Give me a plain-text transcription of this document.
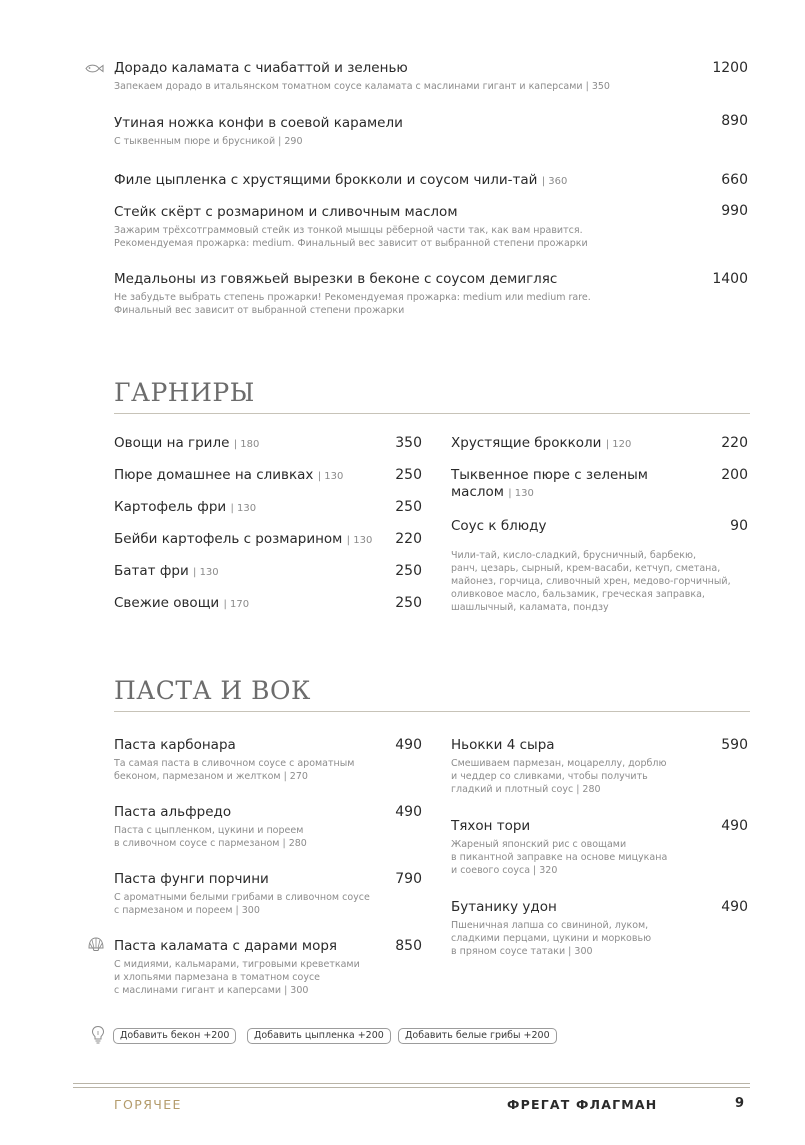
Дорадо каламата с чиабаттой и зеленью
Запекаем дорадо в итальянском томатном соусе каламата с маслинами гигант и каперсами | 350
1200
Утиная ножка конфи в соевой карамели
С тыквенным пюре и брусникой | 290
890
Филе цыпленка с хрустящими брокколи и соусом чили-тай | 360	660
Стейк скёрт с розмарином и сливочным маслом
Зажарим трёхсотграммовый стейк из тонкой мышцы рёберной части так, как вам нравится.
Рекомендуемая прожарка: medium. Финальный вес зависит от выбранной степени прожарки
990
Медальоны из говяжьей вырезки в беконе с соусом демигляс
Не забудьте выбрать степень прожарки! Рекомендуемая прожарка: medium или medium rare.
Финальный вес зависит от выбранной степени прожарки
1400
ГАРНИРЫ
Овощи на гриле | 180	350
Пюре домашнее на сливках | 130	250
Картофель фри | 130	250
Бейби картофель с розмарином | 130	220
Батат фри | 130	250
Свежие овощи | 170	250
Хрустящие брокколи | 120	220
Тыквенное пюре с зеленым
маслом | 130
200
Соус к блюду	90
Чили-тай, кисло-сладкий, брусничный, барбекю,
ранч, цезарь, сырный, крем-васаби, кетчуп, сметана,
майонез, горчица, сливочный хрен, медово-горчичный,
оливковое масло, бальзамик, греческая заправка,
шашлычный, каламата, пондзу
ПАСТА И ВОК
Паста карбонара
Та самая паста в сливочном соусе с ароматным
беконом, пармезаном и желтком | 270
490
Паста альфредо
Паста с цыпленком, цукини и пореем
в сливочном соусе с пармезаном | 280
490
Паста фунги порчини
С ароматными белыми грибами в сливочном соусе
с пармезаном и пореем | 300
790
Паста каламата с дарами моря
С мидиями, кальмарами, тигровыми креветками
и хлопьями пармезана в томатном соусе
с маслинами гигант и каперсами | 300
850
Ньокки 4 сыра
Смешиваем пармезан, моцареллу, дорблю
и чеддер со сливками, чтобы получить
гладкий и плотный соус | 280
590
Тяхон тори
Жареный японский рис с овощами
в пикантной заправке на основе мицукана
и соевого соуса | 320
490
Бутанику удон
Пшеничная лапша со свининой, луком,
сладкими перцами, цукини и морковью
в пряном соусе татаки | 300
490
Добавить бекон +200	Добавить цыпленка +200	Добавить белые грибы +200
ГОРЯЧЕЕ	ФРЕГАТ ФЛАГМАН	9
